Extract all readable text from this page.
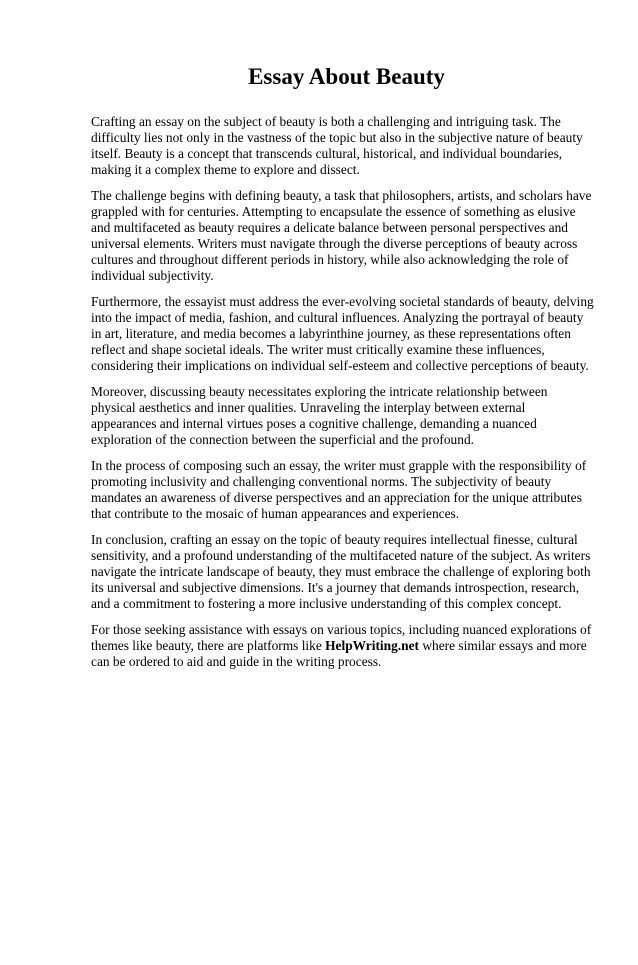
Essay About Beauty

Crafting an essay on the subject of beauty is both a challenging and intriguing task. The difficulty lies not only in the vastness of the topic but also in the subjective nature of beauty itself. Beauty is a concept that transcends cultural, historical, and individual boundaries, making it a complex theme to explore and dissect.

The challenge begins with defining beauty, a task that philosophers, artists, and scholars have grappled with for centuries. Attempting to encapsulate the essence of something as elusive and multifaceted as beauty requires a delicate balance between personal perspectives and universal elements. Writers must navigate through the diverse perceptions of beauty across cultures and throughout different periods in history, while also acknowledging the role of individual subjectivity.

Furthermore, the essayist must address the ever-evolving societal standards of beauty, delving into the impact of media, fashion, and cultural influences. Analyzing the portrayal of beauty in art, literature, and media becomes a labyrinthine journey, as these representations often reflect and shape societal ideals. The writer must critically examine these influences, considering their implications on individual self-esteem and collective perceptions of beauty.

Moreover, discussing beauty necessitates exploring the intricate relationship between physical aesthetics and inner qualities. Unraveling the interplay between external appearances and internal virtues poses a cognitive challenge, demanding a nuanced exploration of the connection between the superficial and the profound.

In the process of composing such an essay, the writer must grapple with the responsibility of promoting inclusivity and challenging conventional norms. The subjectivity of beauty mandates an awareness of diverse perspectives and an appreciation for the unique attributes that contribute to the mosaic of human appearances and experiences.

In conclusion, crafting an essay on the topic of beauty requires intellectual finesse, cultural sensitivity, and a profound understanding of the multifaceted nature of the subject. As writers navigate the intricate landscape of beauty, they must embrace the challenge of exploring both its universal and subjective dimensions. It's a journey that demands introspection, research, and a commitment to fostering a more inclusive understanding of this complex concept.

For those seeking assistance with essays on various topics, including nuanced explorations of themes like beauty, there are platforms like HelpWriting.net where similar essays and more can be ordered to aid and guide in the writing process.
